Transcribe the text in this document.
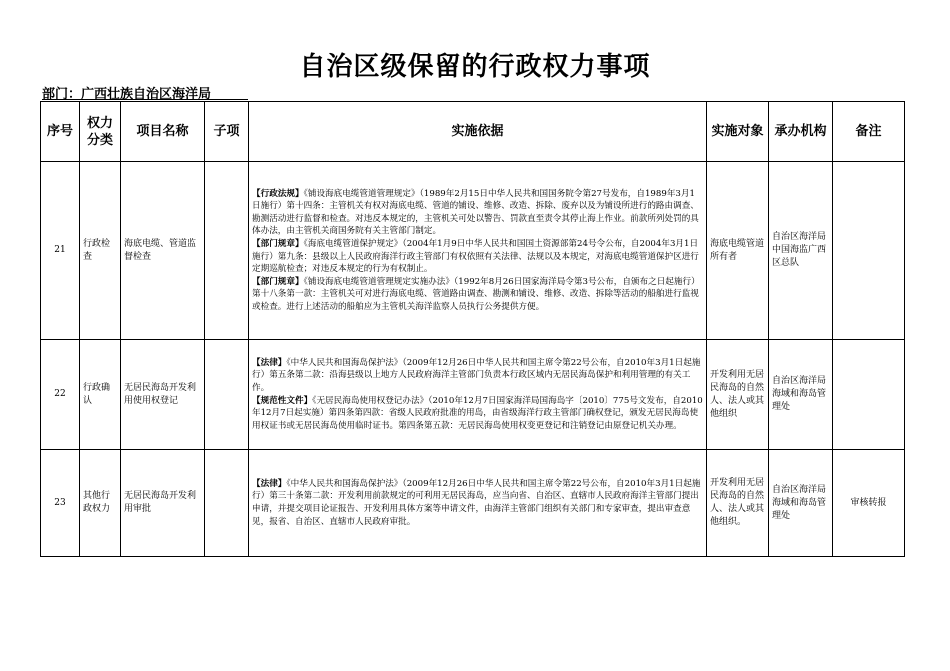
自治区级保留的行政权力事项
部门：广西壮族自治区海洋局
序号	权力分类	项目名称	子项	实施依据	实施对象	承办机构	备注
21	行政检查	海底电缆、管道监督检查		【行政法规】《铺设海底电缆管道管理规定》（1989年2月15日中华人民共和国国务院令第27号发布，自1989年3月1日施行）第十四条：主管机关有权对海底电缆、管道的铺设、维修、改造、拆除、废弃以及为铺设所进行的路由调查、勘测活动进行监督和检查。对违反本规定的，主管机关可处以警告、罚款直至责令其停止海上作业。前款所列处罚的具体办法，由主管机关商国务院有关主管部门制定。
【部门规章】《海底电缆管道保护规定》（2004年1月9日中华人民共和国国土资源部第24号令公布，自2004年3月1日施行）第九条：县级以上人民政府海洋行政主管部门有权依照有关法律、法规以及本规定，对海底电缆管道保护区进行定期巡航检查；对违反本规定的行为有权制止。
【部门规章】《铺设海底电缆管道管理规定实施办法》（1992年8月26日国家海洋局令第3号公布，自颁布之日起施行）第十八条第一款：主管机关可对进行海底电缆、管道路由调查、勘测和铺设、维修、改造、拆除等活动的船舶进行监视或检查。进行上述活动的船舶应为主管机关海洋监察人员执行公务提供方便。	海底电缆管道所有者	自治区海洋局中国海监广西区总队	
22	行政确认	无居民海岛开发利用使用权登记		【法律】《中华人民共和国海岛保护法》（2009年12月26日中华人民共和国主席令第22号公布，自2010年3月1日起施行）第五条第二款：沿海县级以上地方人民政府海洋主管部门负责本行政区域内无居民海岛保护和利用管理的有关工作。
【规范性文件】《无居民海岛使用权登记办法》（2010年12月7日国家海洋局国海岛字〔2010〕775号文发布，自2010年12月7日起实施）第四条第四款：省级人民政府批准的用岛，由省级海洋行政主管部门确权登记，颁发无居民海岛使用权证书或无居民海岛使用临时证书。第四条第五款：无居民海岛使用权变更登记和注销登记由原登记机关办理。	开发利用无居民海岛的自然人、法人或其他组织	自治区海洋局海域和海岛管理处	
23	其他行政权力	无居民海岛开发利用审批		【法律】《中华人民共和国海岛保护法》（2009年12月26日中华人民共和国主席令第22号公布，自2010年3月1日起施行）第三十条第二款：开发利用前款规定的可利用无居民海岛，应当向省、自治区、直辖市人民政府海洋主管部门提出申请，并提交项目论证报告、开发利用具体方案等申请文件，由海洋主管部门组织有关部门和专家审查，提出审查意见，报省、自治区、直辖市人民政府审批。	开发利用无居民海岛的自然人、法人或其他组织。	自治区海洋局海域和海岛管理处	审核转报
